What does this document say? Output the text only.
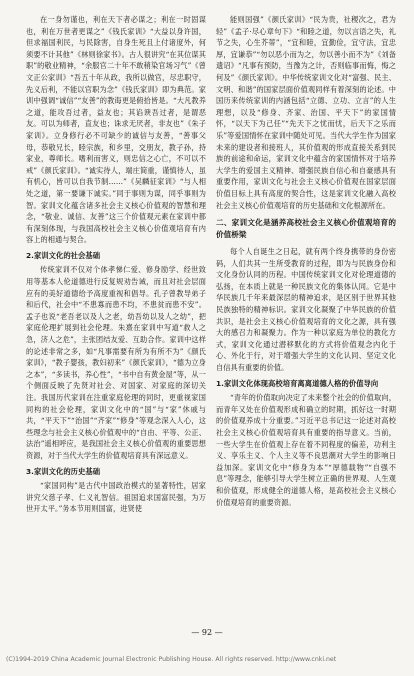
在一身勿谨也，利在天下者必谋之；利在一时固谋也，利在万世者更谋之”《钱氏家训》“大益以身许国，但求福国利民，与民除害，自身生死且上付诸度外，何须要不计其他”《林则徐家书》。古人很讲究“在其位谋其职”的敬业精神，“余服官二十年不敢稍染官场习气”《曾文正公家训》“吾五十年从政，我所以做官，尽忠职守，先义后利，不能以官职为念”《钱氏家训》即为典范。家训中强调“诚信”“友善”的教诲更是俯拾皆是。“大凡教养之道，能攻吾过者，益友也；其谄谀吾过者，是谓恶友。可以为师者，直友也；诛求无厌者，非友也”《朱子家训》。立身修行必不可缺少的诚信与友善，“善事父母，恭敬兄长，睦宗族，和乡里，交朋友，教子孙，持家业，尊师长。嗜利而害义，则忠信之心亡，不可以不戒”《颜氏家训》。“诚实待人，端庄简重，谨慎待人，虽有机心，皆可以自我节制……”《吴麟征家训》“与人相处之道，第一要谦下诚实。”同于事则为谋，同乎事则为智。家训文化蕴含诸多社会主义核心价值观的智慧和理念，“敬业、诚信、友善”这三个价值观元素在家训中都有深刻体现，与我国高校社会主义核心价值观培育有内容上的相通与契合。

2.家训文化的社会基础

传统家训不仅对个体孝悌仁爱、修身励学、经世致用等基本人伦道德进行反复规劝告诫，而且对社会层面应有的美好道德给予高度重视和倡导。孔子曾教导弟子和后代，社会中“不患寡而患不均，不患贫而患不安”。孟子也说“老吾老以及人之老，幼吾幼以及人之幼”，把家庭伦理扩展到社会伦理。朱熹在家训中写道“救人之急，济人之危”，主张团结友爱、互助合作。家训中这样的论述非常之多，如“凡事需要有所为有所不为”《颜氏家训》，“教子婴孩，教妇初来”《颜氏家训》，“德为立身之本”，“多读书，养心性”，“书中自有黄金屋”等，从一个侧面反映了先贤对社会、对国家、对家庭的深切关注。我国历代家训在注重家庭伦理的同时，更重视家国同构的社会伦理，家训文化中的“国”与“家”休戚与共，“平天下”“治国”“齐家”“修身”等观念深入人心，这些理念与社会主义核心价值观中的“自由、平等、公正、法治”遥相呼应，是我国社会主义核心价值观的重要思想资源，对于当代大学生的价值观培育具有深远意义。

3.家训文化的历史基础

“家国同构”是古代中国政治模式的显著特性，居家讲究父慈子孝、仁义礼智信。祖国追求国富民强，为万世开太平。”务本节用则国富，进贤使

能则国强”《颜氏家训》“民为贵，社稷次之，君为轻”《孟子·尽心章句下》“和睦之道，勿以言语之失，礼节之失，心生芥蒂”，“宜和睦，宜勤俭，宜守法，宜忠厚，宜谦恭”“勿以恶小而为之，勿以善小而不为”《刘备遗诏》“凡事有预防，当豫为之计，否则临事而悔，悔之何及”《颜氏家训》。中华传统家训文化对“富强、民主、文明、和谐”的国家层面价值观同样有着深刻的论述。中国历来传统家训的内涵包括“立德、立功、立言”的人生理想，以及“修身、齐家、治国、平天下”的家国情怀，“以天下为己任”“先天下之忧而忧，后天下之乐而乐”等爱国情怀在家训中随处可见。当代大学生作为国家未来的建设者和接班人，其价值观的形成直接关系到民族的前途和命运，家训文化中蕴含的家国情怀对于培养大学生的爱国主义精神、增强民族自信心和自豪感具有重要作用，家训文化与社会主义核心价值观在国家层面价值目标上具有高度的契合性，这是家训文化融入高校社会主义核心价值观培育的历史基础和文化根源所在。

二、家训文化是涵养高校社会主义核心价值观培育的价值桥梁

每个人自诞生之日起，就有两个终身携带的身份密码，人们共其一生所受教育的过程，即为与民族身份和文化身份认同的历程。中国传统家训文化对伦理道德的弘扬，在本质上就是一种民族文化的集体认同。它是中华民族几千年来最深层的精神追求，是区别于世界其他民族独特的精神标识。家训文化凝聚了中华民族的价值共识，是社会主义核心价值观培育的文化之源，具有强大的感召力和凝聚力。作为一种以家庭为单位的教化方式，家训文化通过潜移默化的方式将价值观念内化于心、外化于行，对于增强大学生的文化认同、坚定文化自信具有重要的价值。

1.家训文化体现高校培育离离道德人格的价值导向

“青年的价值取向决定了未来整个社会的价值取向，而青年又处在价值观形成和确立的时期，抓好这一时期的价值观养成十分重要。”习近平总书记这一论述对高校社会主义核心价值观培育具有重要的指导意义。当前，一些大学生在价值观上存在着不同程度的偏差，功利主义、享乐主义、个人主义等不良思潮对大学生的影响日益加深。家训文化中“修身为本”“厚德载物”“自强不息”等理念，能够引导大学生树立正确的世界观、人生观和价值观，形成健全的道德人格，是高校社会主义核心价值观培育的重要资源。

— 92 —
(C)1994-2019 China Academic Journal Electronic Publishing House. All rights reserved. http://www.cnki.net
